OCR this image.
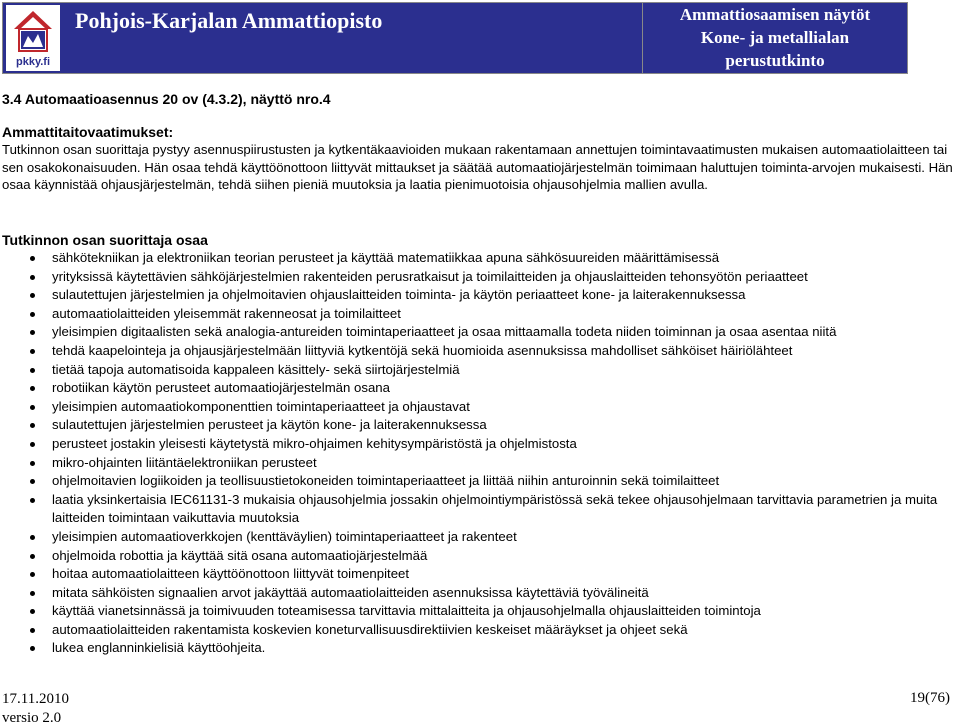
pkky.fi
Pohjois-Karjalan Ammattiopisto	Ammattiosaamisen näytöt
Kone- ja metallialan
perustutkinto
3.4 Automaatioasennus 20 ov (4.3.2), näyttö nro.4
Ammattitaitovaatimukset:

Tutkinnon osan suorittaja pystyy asennuspiirustusten ja kytkentäkaavioiden mukaan rakentamaan annettujen toimintavaatimusten mukaisen automaatiolaitteen tai sen osakokonaisuuden. Hän osaa tehdä käyttöönottoon liittyvät mittaukset ja säätää automaatiojärjestelmän toimimaan haluttujen toiminta-arvojen mukaisesti. Hän osaa käynnistää ohjausjärjestelmän, tehdä siihen pieniä muutoksia ja laatia pienimuotoisia ohjausohjelmia mallien avulla.

Tutkinnon osan suorittaja osaa
sähkötekniikan ja elektroniikan teorian perusteet ja käyttää matematiikkaa apuna sähkösuureiden määrittämisessä
yrityksissä käytettävien sähköjärjestelmien rakenteiden perusratkaisut ja toimilaitteiden ja ohjauslaitteiden tehonsyötön periaatteet
sulautettujen järjestelmien ja ohjelmoitavien ohjauslaitteiden toiminta- ja käytön periaatteet kone- ja laiterakennuksessa
automaatiolaitteiden yleisemmät rakenneosat ja toimilaitteet
yleisimpien digitaalisten sekä analogia-antureiden toimintaperiaatteet ja osaa mittaamalla todeta niiden toiminnan ja osaa asentaa niitä
tehdä kaapelointeja ja ohjausjärjestelmään liittyviä kytkentöjä sekä huomioida asennuksissa mahdolliset sähköiset häiriölähteet
tietää tapoja automatisoida kappaleen käsittely- sekä siirtojärjestelmiä
robotiikan käytön perusteet automaatiojärjestelmän osana
yleisimpien automaatiokomponenttien toimintaperiaatteet ja ohjaustavat
sulautettujen järjestelmien perusteet ja käytön kone- ja laiterakennuksessa
perusteet jostakin yleisesti käytetystä mikro-ohjaimen kehitysympäristöstä ja ohjelmistosta
mikro-ohjainten liitäntäelektroniikan perusteet
ohjelmoitavien logiikoiden ja teollisuustietokoneiden toimintaperiaatteet ja liittää niihin anturoinnin sekä toimilaitteet
laatia yksinkertaisia IEC61131-3 mukaisia ohjausohjelmia jossakin ohjelmointiympäristössä sekä tekee ohjausohjelmaan tarvittavia parametrien ja muita laitteiden toimintaan vaikuttavia muutoksia
yleisimpien automaatioverkkojen (kenttäväylien) toimintaperiaatteet ja rakenteet
ohjelmoida robottia ja käyttää sitä osana automaatiojärjestelmää
hoitaa automaatiolaitteen käyttöönottoon liittyvät toimenpiteet
mitata sähköisten signaalien arvot jakäyttää automaatiolaitteiden asennuksissa käytettäviä työvälineitä
käyttää vianetsinnässä ja toimivuuden toteamisessa tarvittavia mittalaitteita ja ohjausohjelmalla ohjauslaitteiden toimintoja
automaatiolaitteiden rakentamista koskevien koneturvallisuusdirektiivien keskeiset määräykset ja ohjeet sekä
lukea englanninkielisiä käyttöohjeita.
17.11.2010
versio 2.0
19(76)
